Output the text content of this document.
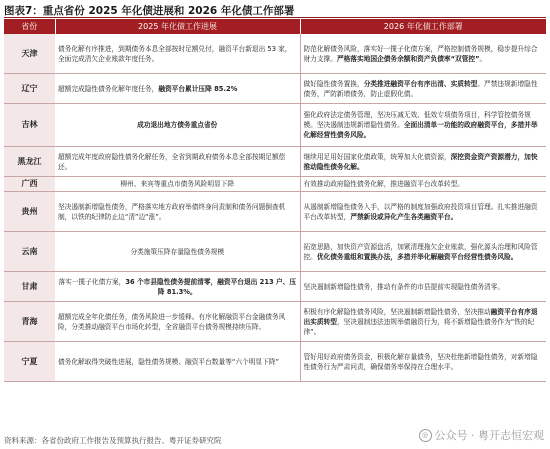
图表7：重点省份 2025 年化债进展和 2026 年化债工作部署
省份	2025 年化债工作进展	2026 年化债工作部署
天津	债务化解有序推进，到期债务本息全部按时足额兑付，融资平台新退出 53 家，全面完成清欠企业账款年度任务。	防范化解债务风险，落实好一揽子化债方案，严格控制债务规模，稳步提升综合财力支撑。严格落实地国企债务余额和资产负债率“双管控”。
辽宁	超额完成隐性债务化解年度任务，融资平台累计压降 85.2%	做好隐性债务置换，分类推进融资平台有序出清、实质转型。严禁违规新增隐性债务，严防新增债务，防止虚假化债。
吉林	成功退出地方债务重点省份	强化政府法定债务管理，坚决压减无效、低效专项债务项目，科学管控债务规模。坚决遏制违规新增隐性债务。全面出清单一功能的政府融资平台，多措并举化解经营性债务风险。
黑龙江	超额完成年度政府隐性债务化解任务，全省到期政府债务本息全部按期足额偿还。	继续用足用好国家化债政策，统筹加大化债资源，深挖资金资产资源潜力，加快推动隐性债务化解。
广西	柳州、来宾等重点市债务风险明显下降	有效推动政府隐性债务化解，推进融资平台改革转型。
贵州	坚决遏制新增隐性债务，严格落实地方政府举债终身问责制和债务问题倒查机制，以铁的纪律防止边“清”边“涨”。	从遏制新增隐性债务入手，以严格的制度加强政府投资项目管理。扎实推进融资平台改革转型，严禁新设或异化产生各类融资平台。
云南	分类施策压降存量隐性债务规模	拓宽思路，加快资产资源盘活，加紧清理拖欠企业账款，强化源头治理和风险管控。优化债务重组和置换办法，多措并举化解融资平台经营性债务风险。
甘肃	落实一揽子化债方案，36 个市县隐性债务提前清零，融资平台退出 213 户、压降 81.3%。	坚决遏制新增隐性债务，推动有条件的市县提前实现隐性债务清零。
青海	超额完成全年化债任务，债务风险进一步缓释。有序化解融资平台金融债务风险，分类推动融资平台市场化转型，全省融资平台债务规模持续压降。	积极有序化解隐性债务风险，坚决遏制新增隐性债务，坚决推动融资平台有序退出实质转型，坚决遏制违法违规举债融资行为，将不新增隐性债务作为“铁的纪律”。
宁夏	债务化解取得突破性进展，隐性债务规模、融资平台数量等“六个明显下降”	管好用好政府债务资金，积极化解存量债务，坚决杜绝新增隐性债务，对新增隐性债务行为严肃问责，确保债务率保持在合理水平。
资料来源：各省份政府工作报告及预算执行报告、粤开证券研究院
◎ 公众号 · 粤开志恒宏观
